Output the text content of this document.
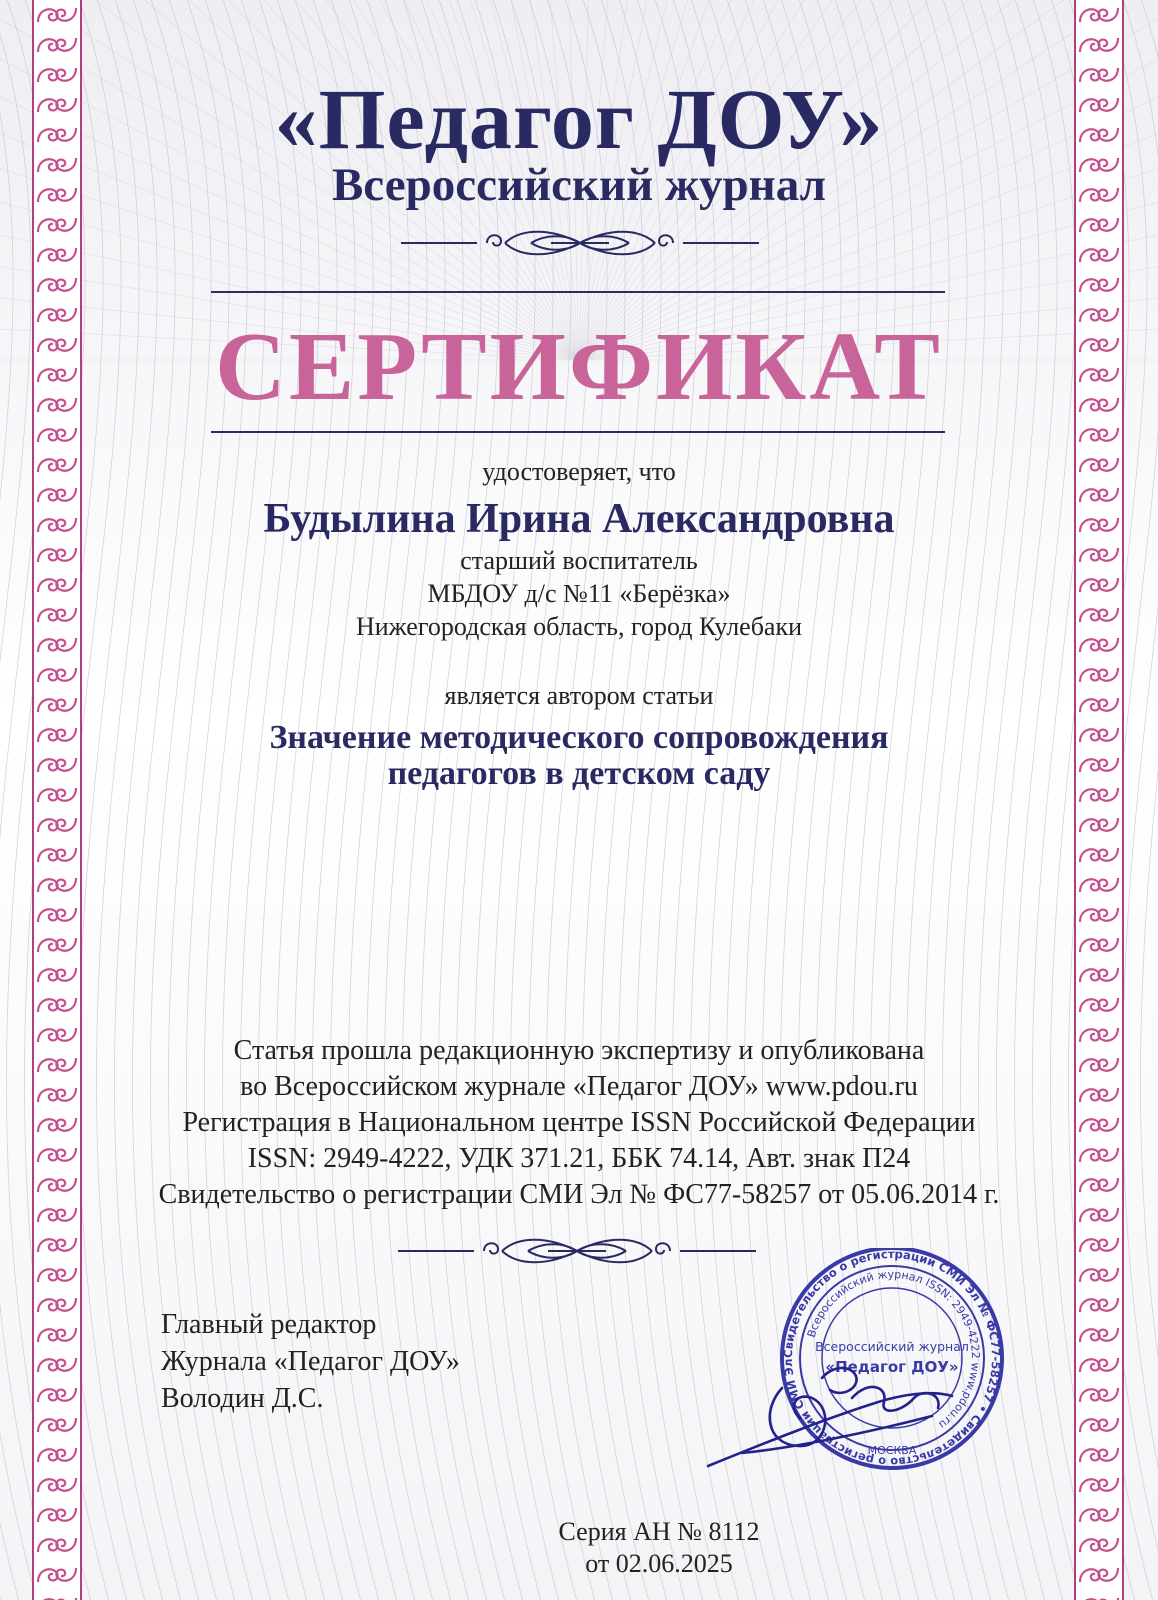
«Педагог ДОУ»
Всероссийский журнал
СЕРТИФИКАТ
удостоверяет, что
Будылина Ирина Александровна
старший воспитатель
МБДОУ д/с №11 «Берёзка»
Нижегородская область, город Кулебаки
является автором статьи
Значение методического сопровождения
педагогов в детском саду
Статья прошла редакционную экспертизу и опубликована
во Всероссийском журнале «Педагог ДОУ» www.pdou.ru
Регистрация в Национальном центре ISSN Российской Федерации
ISSN: 2949-4222, УДК 371.21, ББК 74.14, Авт. знак П24
Свидетельство о регистрации СМИ Эл № ФС77-58257 от 05.06.2014 г.
Главный редактор
Журнала «Педагог ДОУ»
Володин Д.С.
Свидетельство о регистрации СМИ Эл № ФС77-58257 • Свидетельство о регистрации СМИ Эл
Всероссийский журнал ISSN: 2949-4222 www.pdou.ru
Всероссийский журнал
«Педагог ДОУ»
МОСКВА
Серия АН № 8112
от 02.06.2025
